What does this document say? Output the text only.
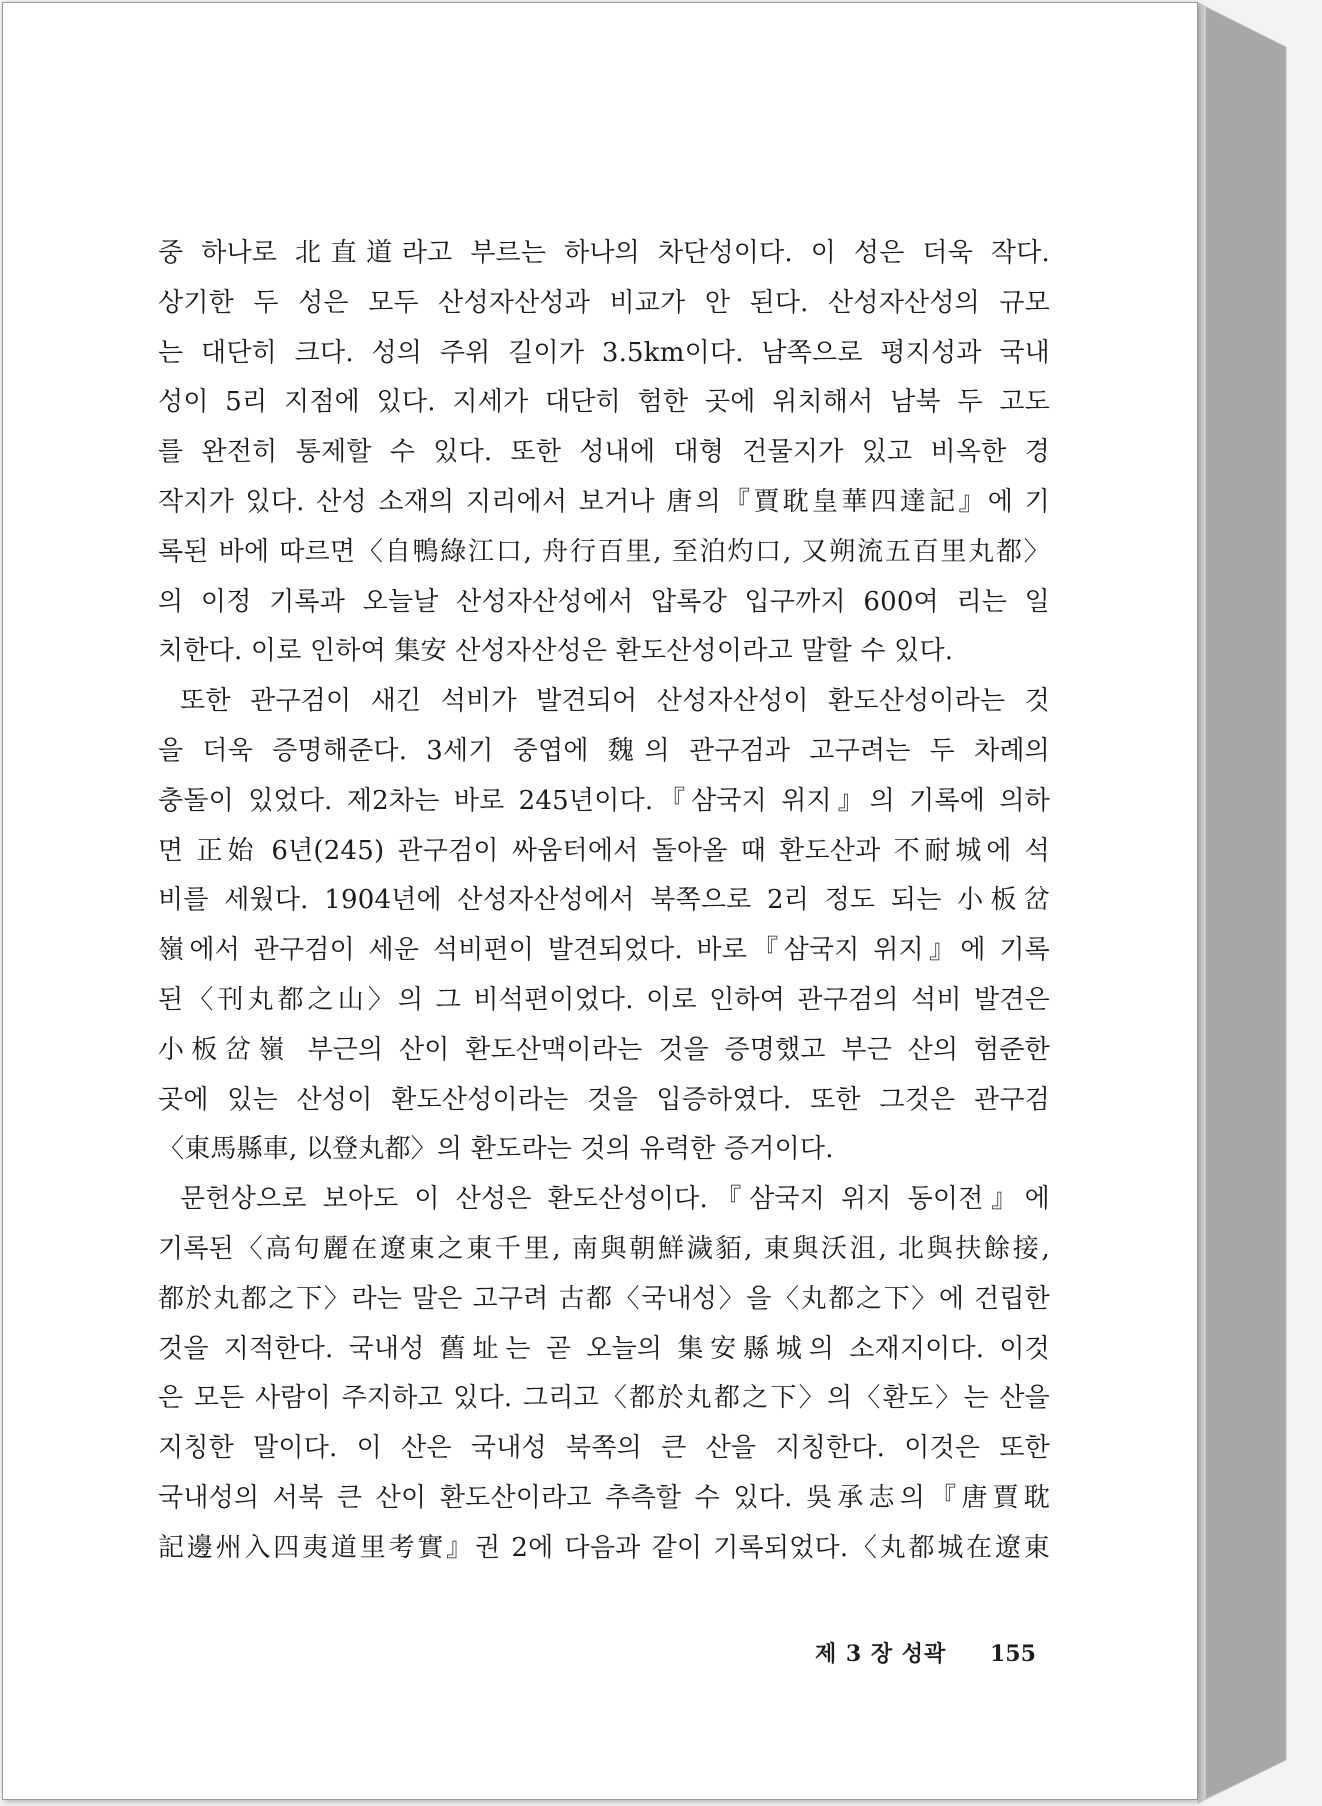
중 하나로 北直道라고 부르는 하나의 차단성이다. 이 성은 더욱 작다.
상기한 두 성은 모두 산성자산성과 비교가 안 된다. 산성자산성의 규모
는 대단히 크다. 성의 주위 길이가 3.5km이다. 남쪽으로 평지성과 국내
성이 5리 지점에 있다. 지세가 대단히 험한 곳에 위치해서 남북 두 고도
를 완전히 통제할 수 있다. 또한 성내에 대형 건물지가 있고 비옥한 경
작지가 있다. 산성 소재의 지리에서 보거나 唐의『賈耽皇華四達記』에 기
록된 바에 따르면〈自鴨綠江口, 舟行百里, 至泊灼口, 又朔流五百里丸都〉
의 이정 기록과 오늘날 산성자산성에서 압록강 입구까지 600여 리는 일
치한다. 이로 인하여 集安 산성자산성은 환도산성이라고 말할 수 있다.
또한 관구검이 새긴 석비가 발견되어 산성자산성이 환도산성이라는 것
을 더욱 증명해준다. 3세기 중엽에 魏의 관구검과 고구려는 두 차례의
충돌이 있었다. 제2차는 바로 245년이다.『삼국지 위지』의 기록에 의하
면 正始 6년(245) 관구검이 싸움터에서 돌아올 때 환도산과 不耐城에 석
비를 세웠다. 1904년에 산성자산성에서 북쪽으로 2리 정도 되는 小板岔
嶺에서 관구검이 세운 석비편이 발견되었다. 바로『삼국지 위지』에 기록
된〈刊丸都之山〉의 그 비석편이었다. 이로 인하여 관구검의 석비 발견은
小板岔嶺 부근의 산이 환도산맥이라는 것을 증명했고 부근 산의 험준한
곳에 있는 산성이 환도산성이라는 것을 입증하였다. 또한 그것은 관구검
〈東馬縣車, 以登丸都〉의 환도라는 것의 유력한 증거이다.
문헌상으로 보아도 이 산성은 환도산성이다.『삼국지 위지 동이전』에
기록된〈高句麗在遼東之東千里, 南與朝鮮濊貊, 東與沃沮, 北與扶餘接,
都於丸都之下〉라는 말은 고구려 古都〈국내성〉을〈丸都之下〉에 건립한
것을 지적한다. 국내성 舊址는 곧 오늘의 集安縣城의 소재지이다. 이것
은 모든 사람이 주지하고 있다. 그리고〈都於丸都之下〉의〈환도〉는 산을
지칭한 말이다. 이 산은 국내성 북쪽의 큰 산을 지칭한다. 이것은 또한
국내성의 서북 큰 산이 환도산이라고 추측할 수 있다. 吳承志의『唐賈耽
記邊州入四夷道里考實』권 2에 다음과 같이 기록되었다.〈丸都城在遼東
제 3 장 성곽 155
